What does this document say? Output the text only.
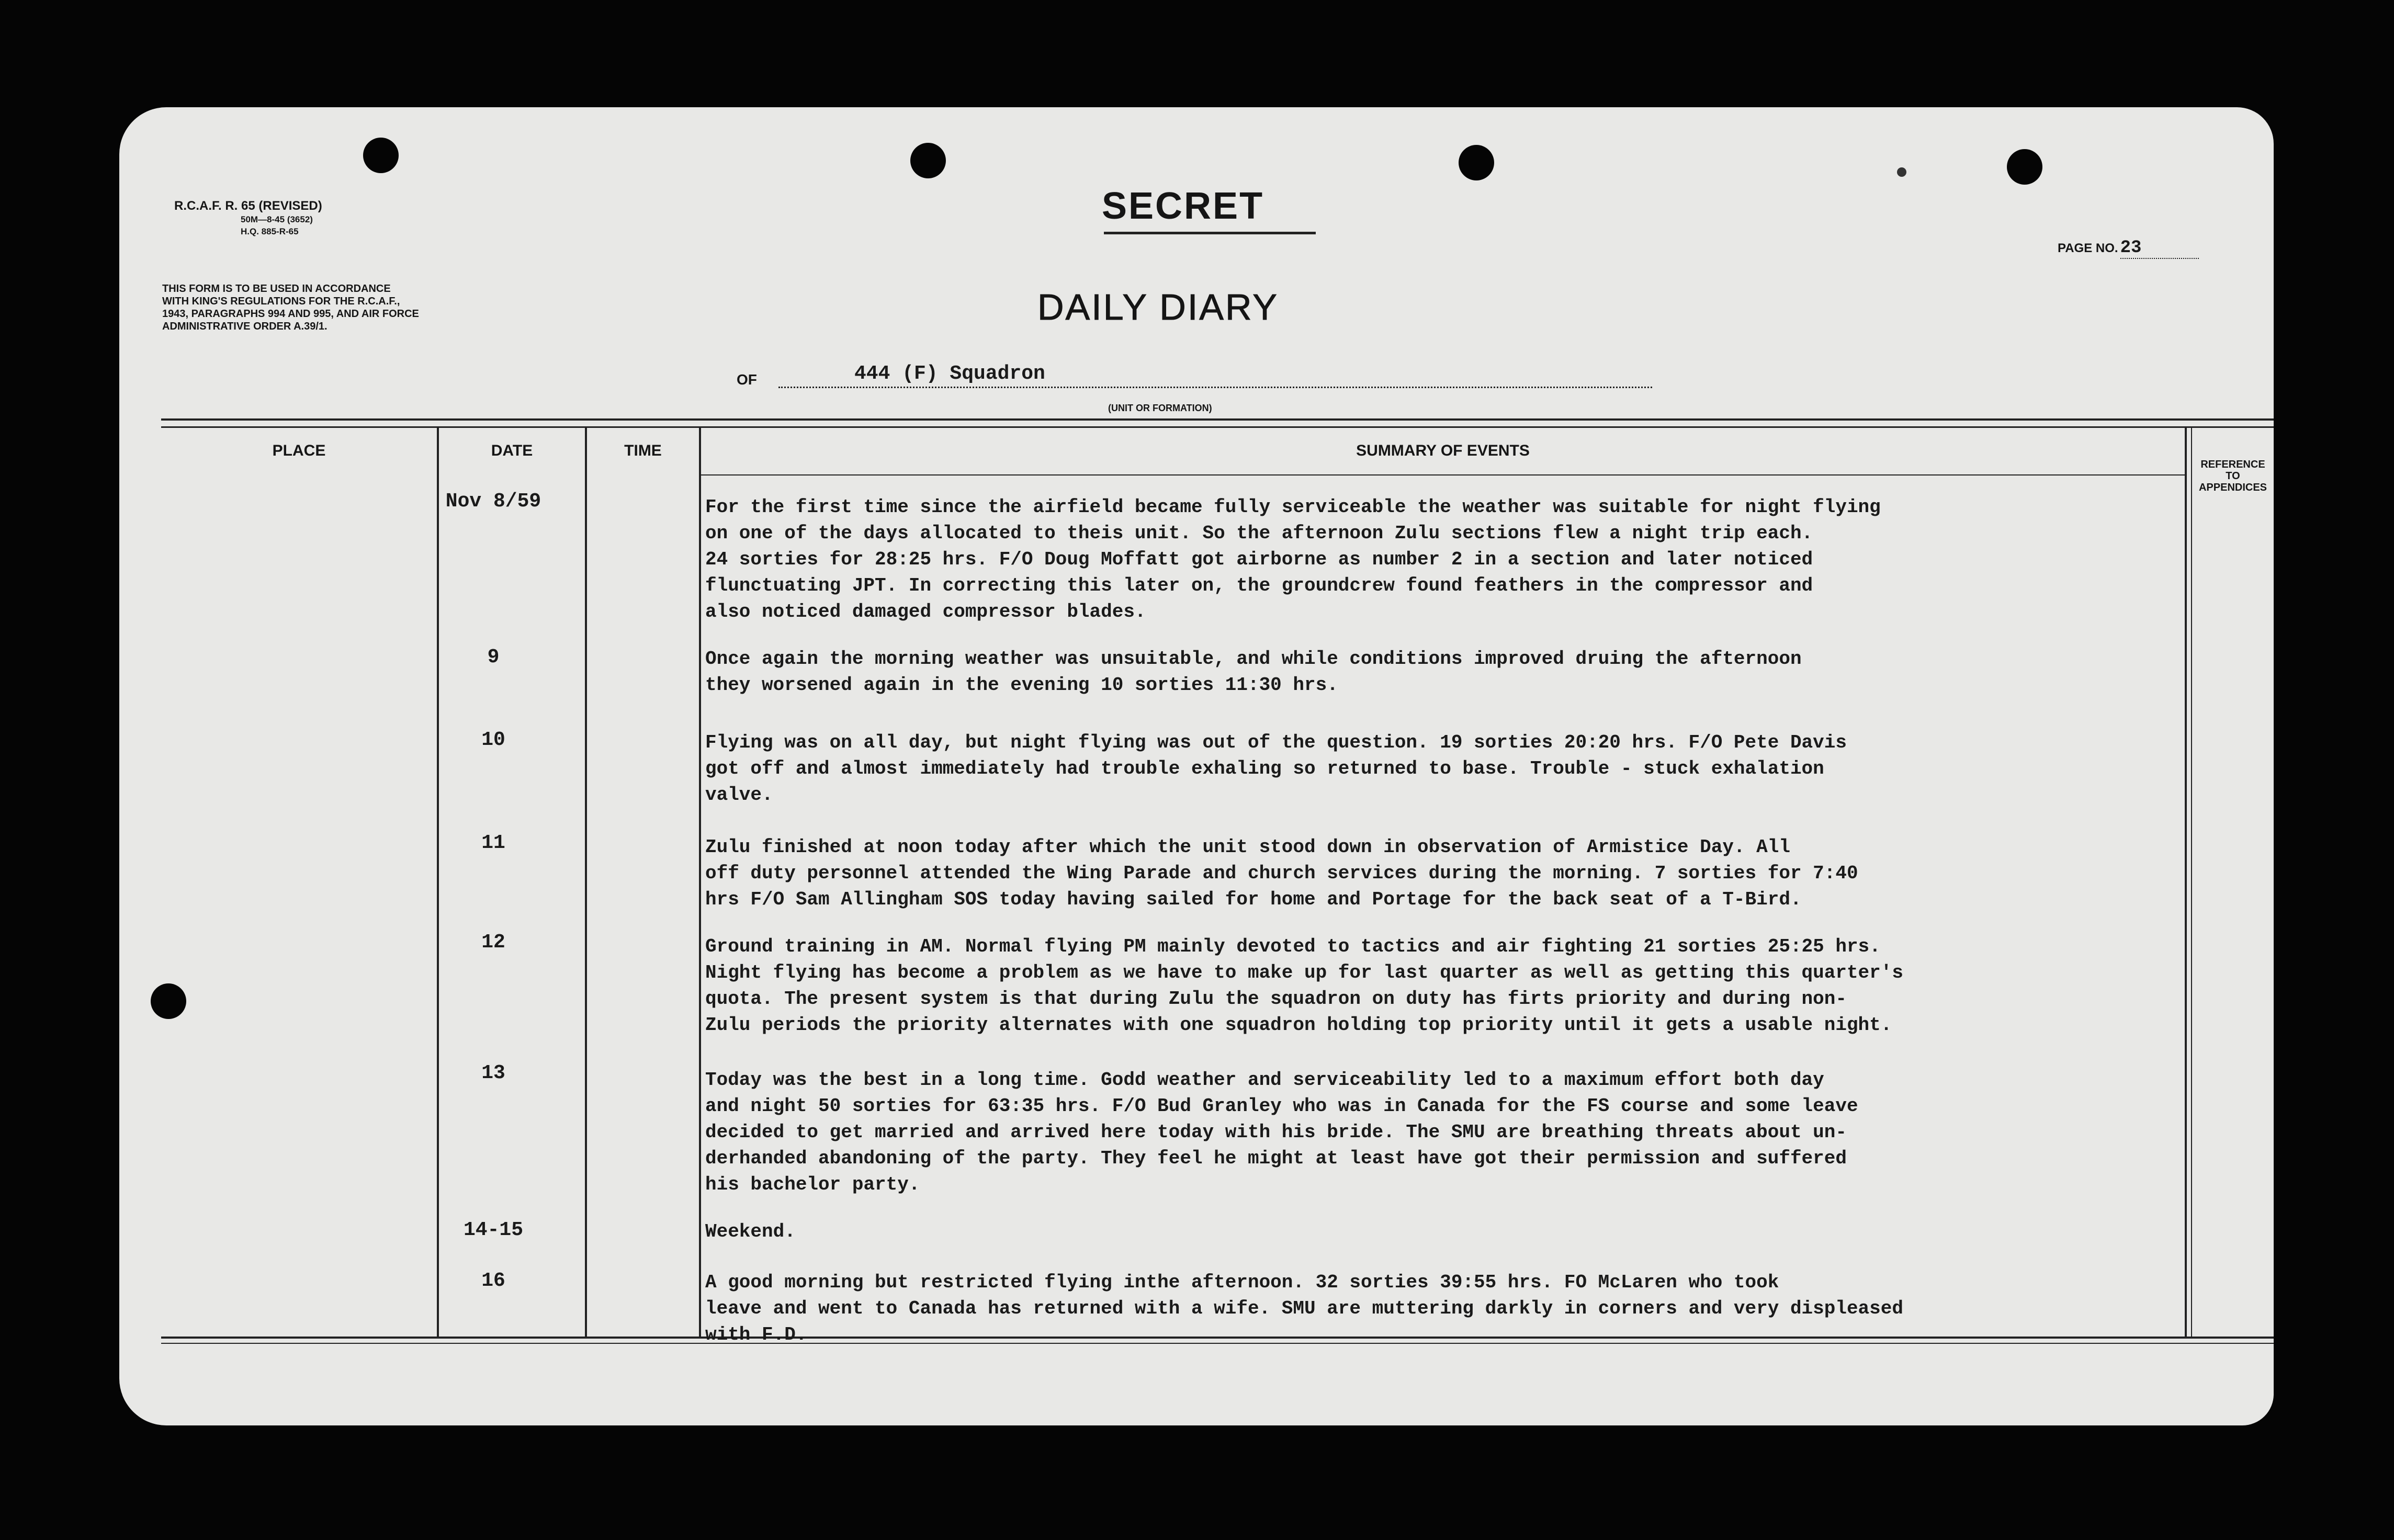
R.C.A.F. R. 65 (REVISED)
50M—8-45 (3652)
H.Q. 885-R-65
THIS FORM IS TO BE USED IN ACCORDANCE
WITH KING'S REGULATIONS FOR THE R.C.A.F.,
1943, PARAGRAPHS 994 AND 995, AND AIR FORCE
ADMINISTRATIVE ORDER A.39/1.
SECRET
PAGE NO. 23
DAILY DIARY
OF	444 (F) Squadron
(UNIT OR FORMATION)
PLACE	DATE	TIME	SUMMARY OF EVENTS
REFERENCE TO
APPENDICES
Nov 8/59	For the first time since the airfield became fully serviceable the weather was suitable for night flying
on one of the days allocated to theis unit. So the afternoon Zulu sections flew a night trip each.
24 sorties for 28:25 hrs. F/O Doug Moffatt got airborne as number 2 in a section and later noticed
flunctuating JPT. In correcting this later on, the groundcrew found feathers in the compressor and
also noticed damaged compressor blades.
9	Once again the morning weather was unsuitable, and while conditions improved druing the afternoon
they worsened again in the evening 10 sorties 11:30 hrs.
10	Flying was on all day, but night flying was out of the question. 19 sorties 20:20 hrs. F/O Pete Davis
got off and almost immediately had trouble exhaling so returned to base. Trouble - stuck exhalation
valve.
11	Zulu finished at noon today after which the unit stood down in observation of Armistice Day. All
off duty personnel attended the Wing Parade and church services during the morning. 7 sorties for 7:40
hrs F/O Sam Allingham SOS today having sailed for home and Portage for the back seat of a T-Bird.
12	Ground training in AM. Normal flying PM mainly devoted to tactics and air fighting 21 sorties 25:25 hrs.
Night flying has become a problem as we have to make up for last quarter as well as getting this quarter's
quota. The present system is that during Zulu the squadron on duty has firts priority and during non-
Zulu periods the priority alternates with one squadron holding top priority until it gets a usable night.
13	Today was the best in a long time. Godd weather and serviceability led to a maximum effort both day
and night 50 sorties for 63:35 hrs. F/O Bud Granley who was in Canada for the FS course and some leave
decided to get married and arrived here today with his bride. The SMU are breathing threats about un-
derhanded abandoning of the party. They feel he might at least have got their permission and suffered
his bachelor party.
14-15	Weekend.
16	A good morning but restricted flying inthe afternoon. 32 sorties 39:55 hrs. FO McLaren who took
leave and went to Canada has returned with a wife. SMU are muttering darkly in corners and very displeased
with F.D.
